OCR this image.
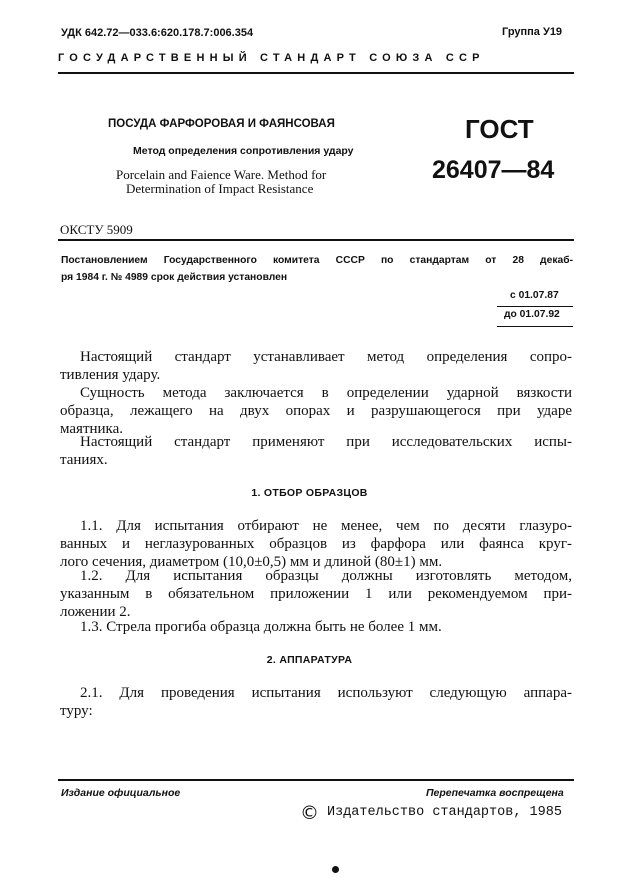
УДК 642.72—033.6:620.178.7:006.354	Группа У19
ГОСУДАРСТВЕННЫЙ СТАНДАРТ СОЮЗА ССР
ПОСУДА ФАРФОРОВАЯ И ФАЯНСОВАЯ
Метод определения сопротивления удару
Porcelain and Faience Ware. Method for
Determination of Impact Resistance
ГОСТ
26407—84
ОКСТУ 5909
Постановлением Государственного комитета СССР по стандартам от 28 декаб-
ря 1984 г. № 4989 срок действия установлен
с 01.07.87
до 01.07.92
Настоящий стандарт устанавливает метод определения сопро-
тивления удару.
Сущность метода заключается в определении ударной вязкости
образца, лежащего на двух опорах и разрушающегося при ударе
маятника.
Настоящий стандарт применяют при исследовательских испы-
таниях.
1. ОТБОР ОБРАЗЦОВ
1.1. Для испытания отбирают не менее, чем по десяти глазуро-
ванных и неглазурованных образцов из фарфора или фаянса круг-
лого сечения, диаметром (10,0±0,5) мм и длиной (80±1) мм.
1.2. Для испытания образцы должны изготовлять методом,
указанным в обязательном приложении 1 или рекомендуемом при-
ложении 2.
1.3. Стрела прогиба образца должна быть не более 1 мм.
2. АППАРАТУРА
2.1. Для проведения испытания используют следующую аппара-
туру:
Издание официальное	Перепечатка воспрещена
© Издательство стандартов, 1985
